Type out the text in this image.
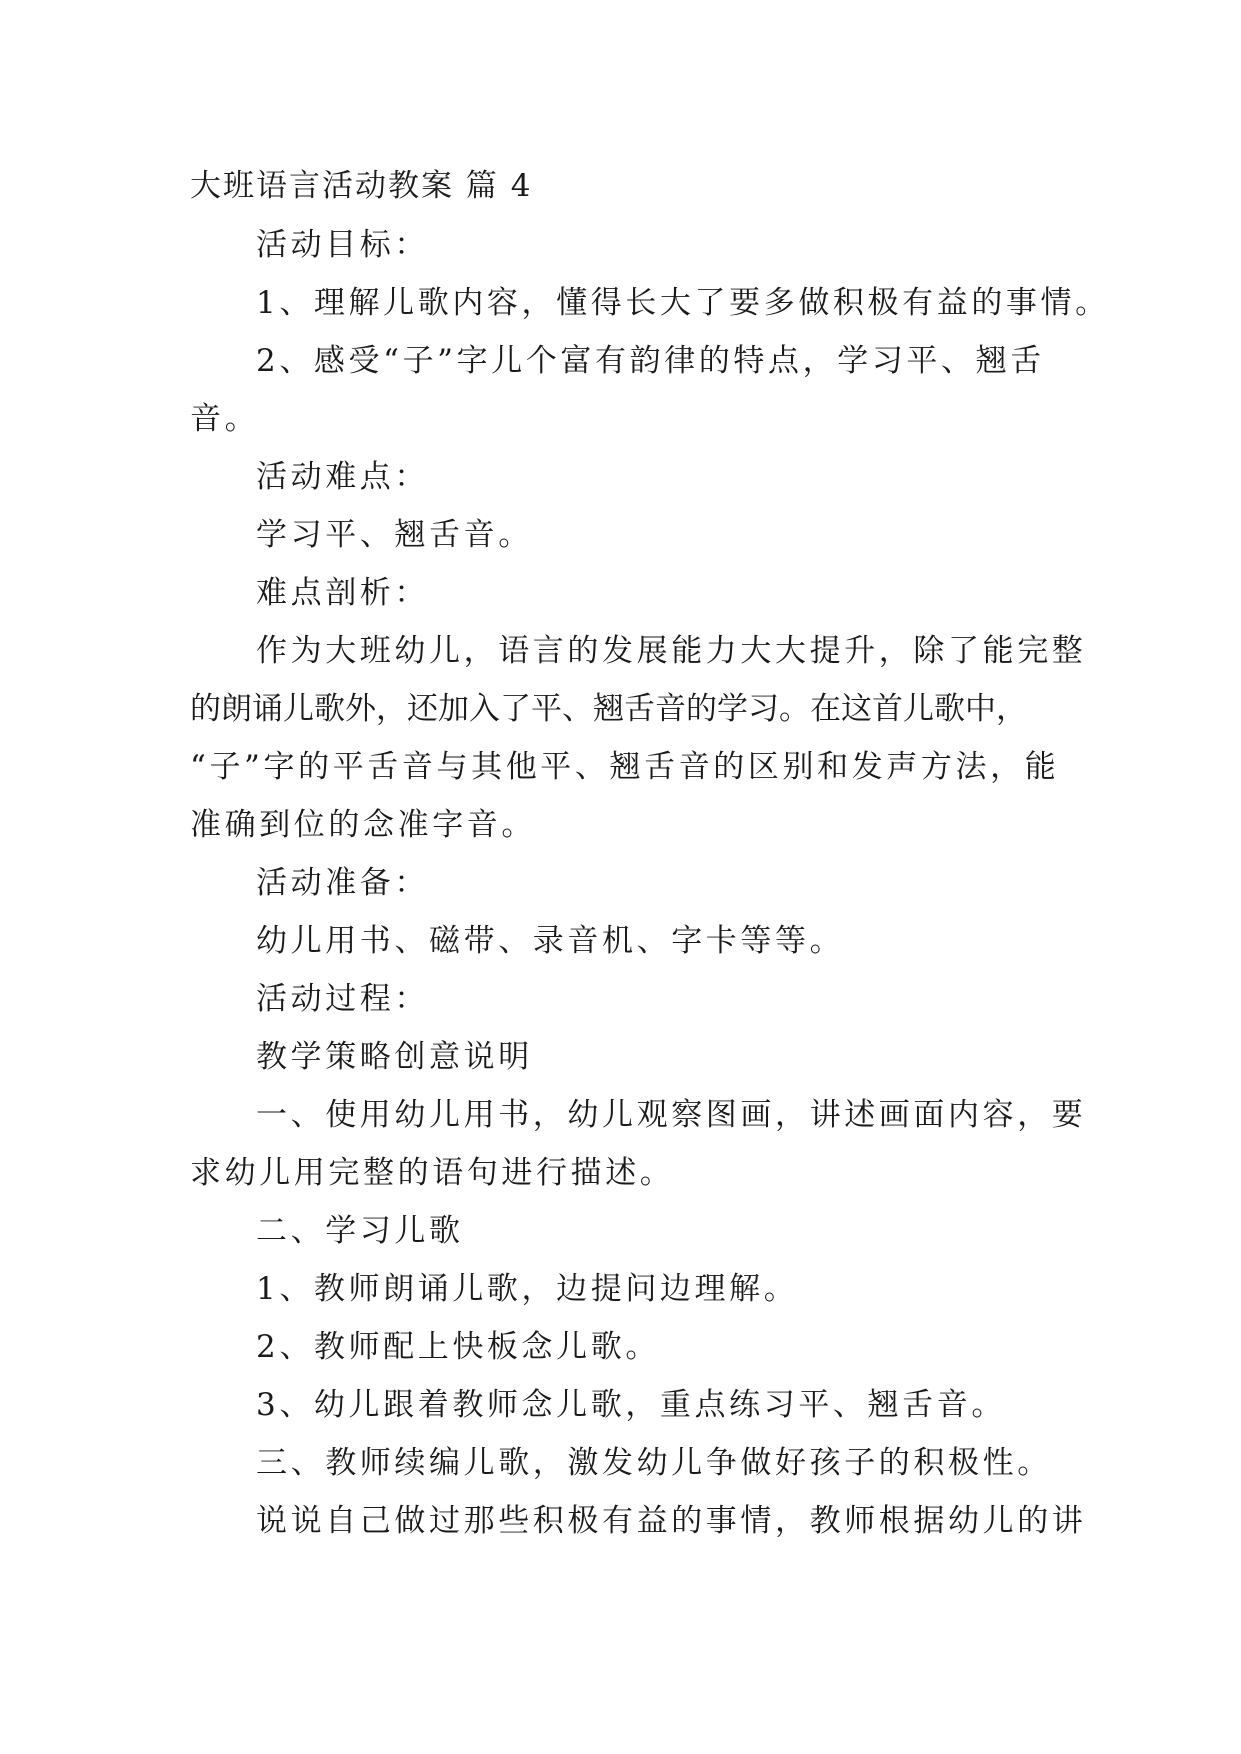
大班语言活动教案 篇 4
活动目标：
1、理解儿歌内容，懂得长大了要多做积极有益的事情。
2、感受“子”字儿个富有韵律的特点，学习平、翘舌
音。
活动难点：
学习平、翘舌音。
难点剖析：
作为大班幼儿，语言的发展能力大大提升，除了能完整
的朗诵儿歌外，还加入了平、翘舌音的学习。在这首儿歌中，
“子”字的平舌音与其他平、翘舌音的区别和发声方法，能
准确到位的念准字音。
活动准备：
幼儿用书、磁带、录音机、字卡等等。
活动过程：
教学策略创意说明
一、使用幼儿用书，幼儿观察图画，讲述画面内容，要
求幼儿用完整的语句进行描述。
二、学习儿歌
1、教师朗诵儿歌，边提问边理解。
2、教师配上快板念儿歌。
3、幼儿跟着教师念儿歌，重点练习平、翘舌音。
三、教师续编儿歌，激发幼儿争做好孩子的积极性。
说说自己做过那些积极有益的事情，教师根据幼儿的讲
